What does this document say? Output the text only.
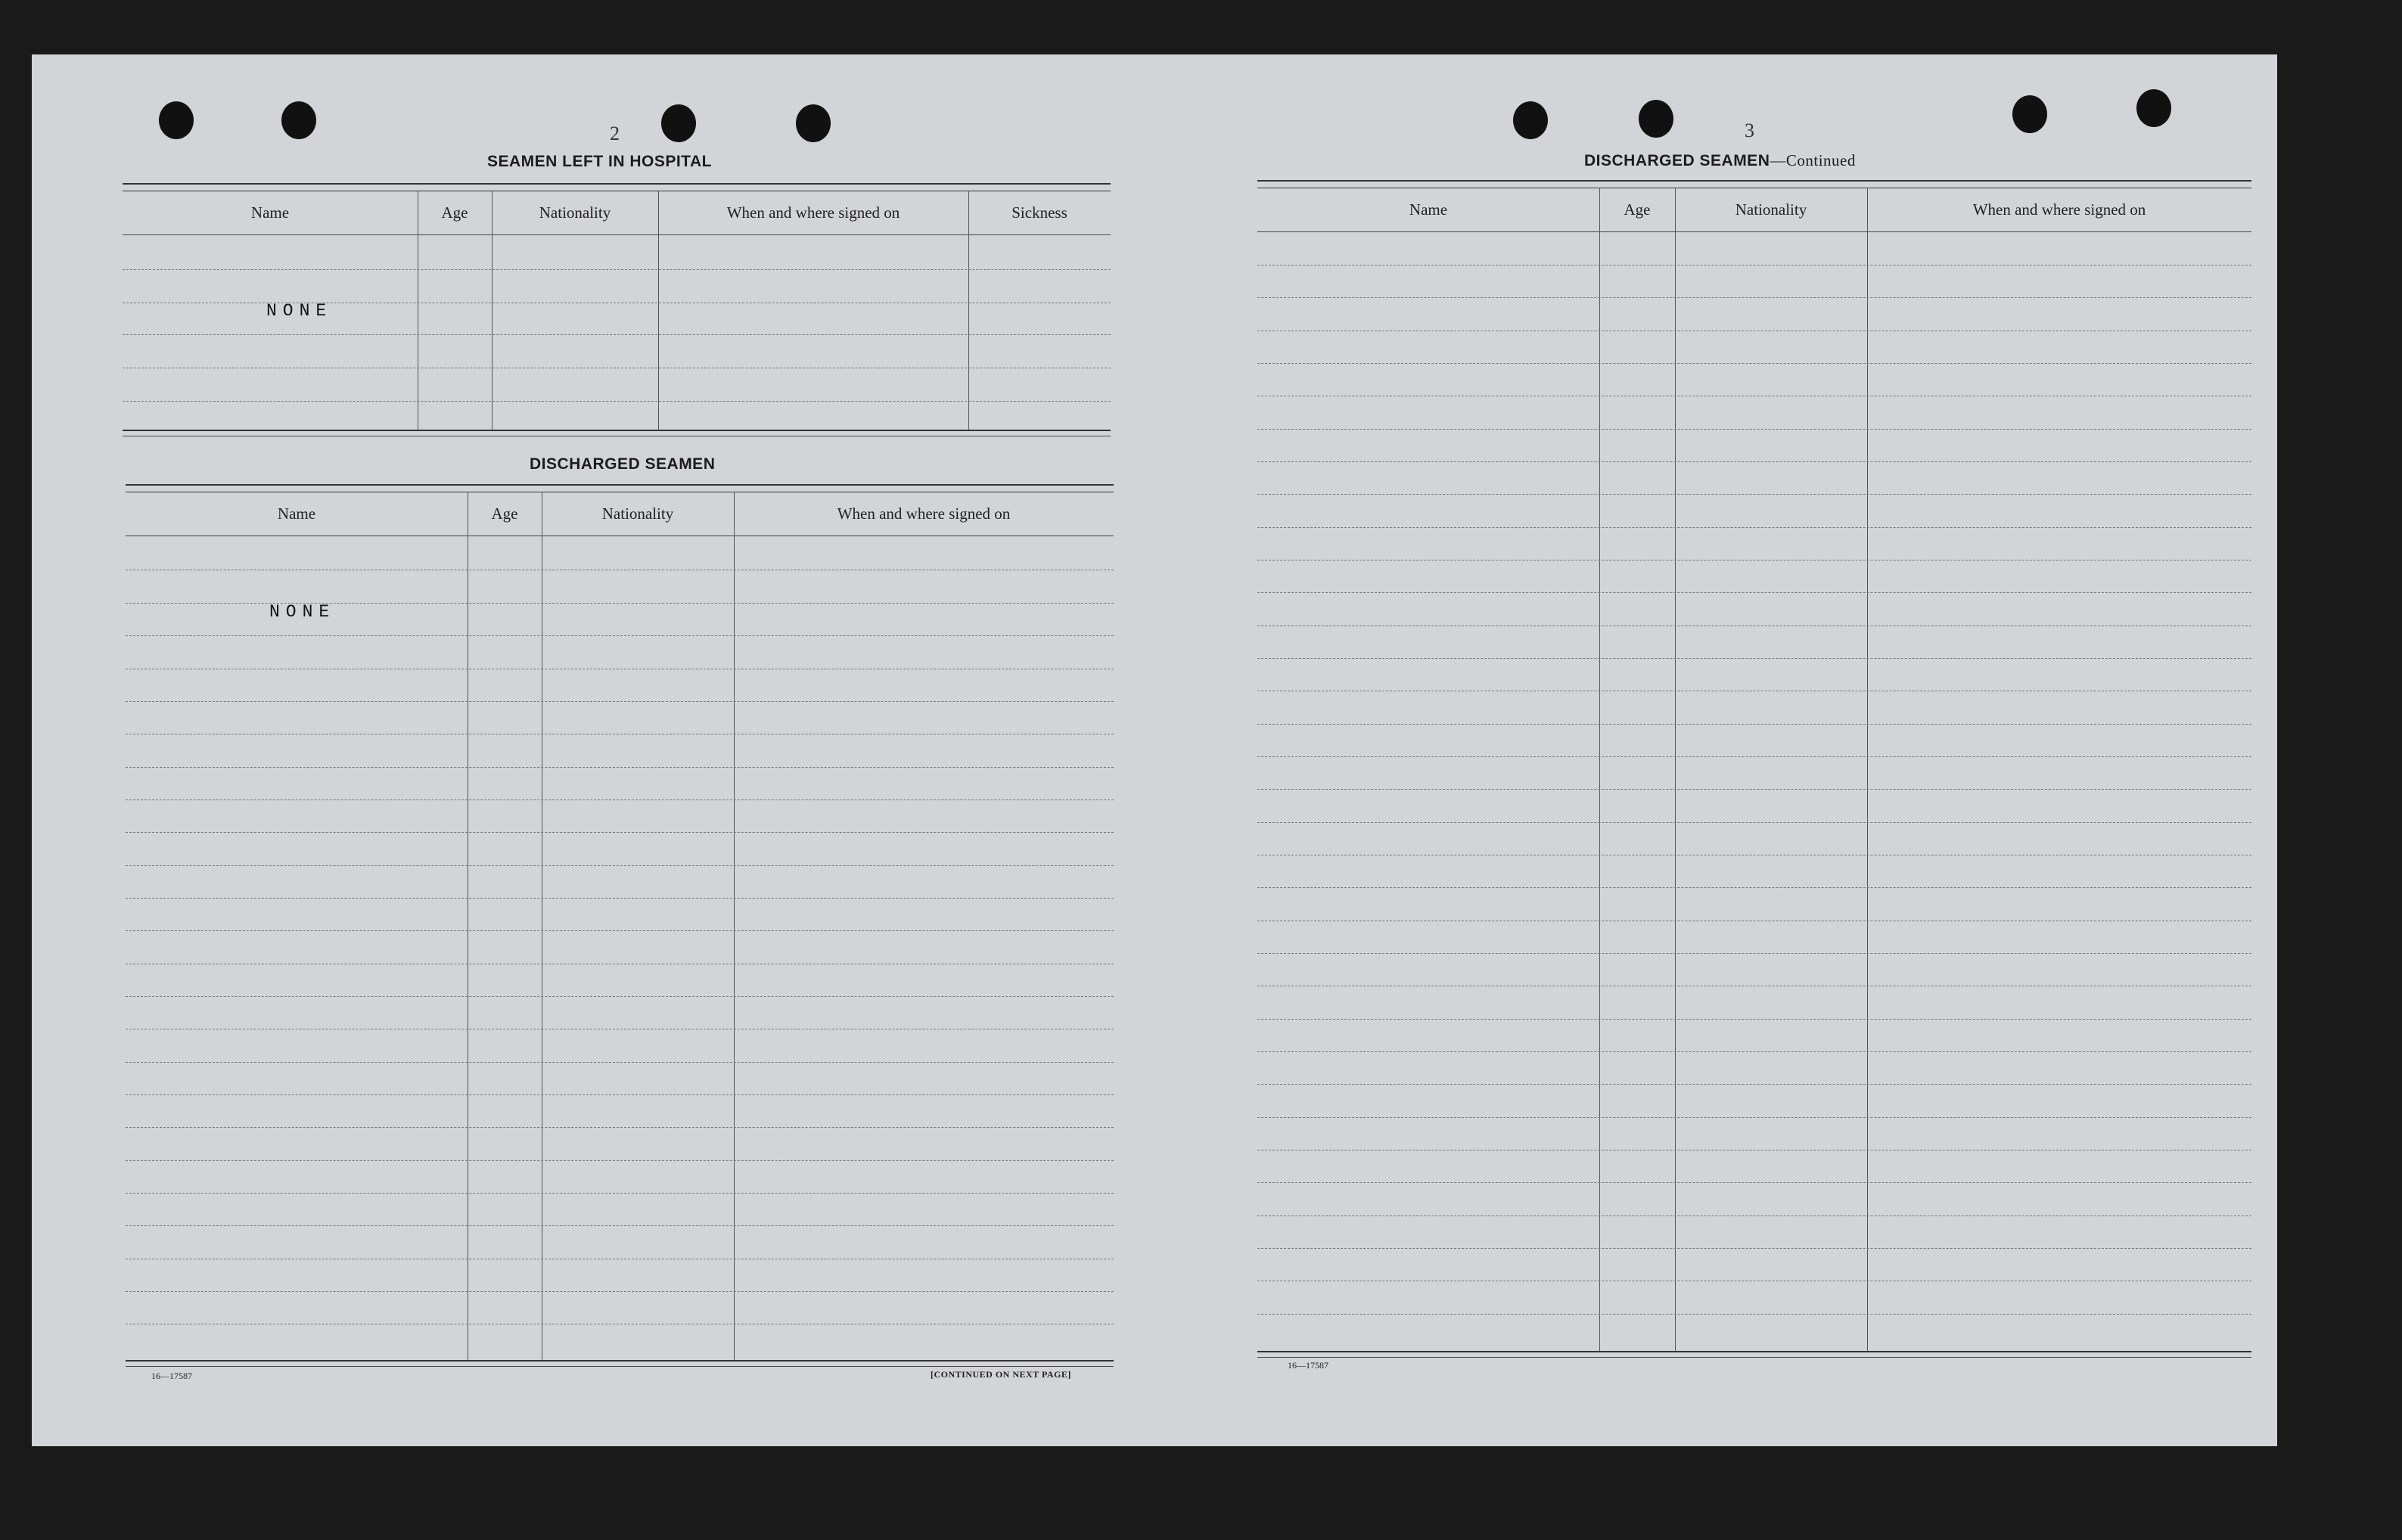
2
SEAMEN LEFT IN HOSPITAL
Name	Age	Nationality	When and where signed on	Sickness
NONE
DISCHARGED SEAMEN
Name	Age	Nationality	When and where signed on
NONE
16—17587	[CONTINUED ON NEXT PAGE]
3
DISCHARGED SEAMEN—Continued
Name	Age	Nationality	When and where signed on
16—17587
